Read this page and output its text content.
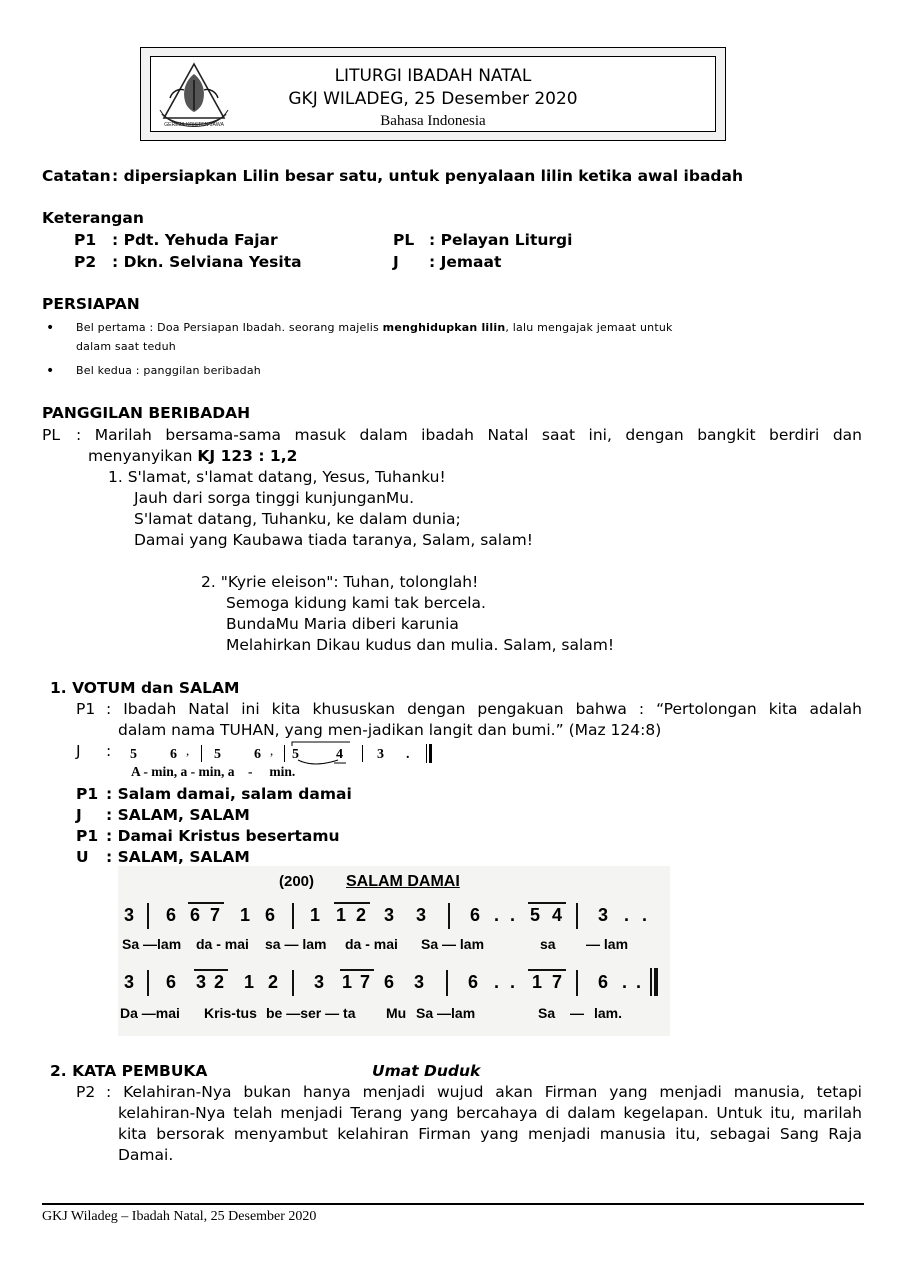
GEREJA KRISTEN JAWA
LITURGI IBADAH NATAL
GKJ WILADEG, 25 Desember 2020
Bahasa Indonesia
Catatan : dipersiapkan Lilin besar satu, untuk penyalaan lilin ketika awal ibadah
Keterangan
P1 : Pdt. Yehuda Fajar
P2 : Dkn. Selviana Yesita
PL : Pelayan Liturgi
J : Jemaat
PERSIAPAN
• Bel pertama : Doa Persiapan Ibadah. seorang majelis menghidupkan lilin, lalu mengajak jemaat untuk
dalam saat teduh
• Bel kedua : panggilan beribadah
PANGGILAN BERIBADAH
PL : Marilah bersama-sama masuk dalam ibadah Natal saat ini, dengan bangkit berdiri dan
menyanyikan KJ 123 : 1,2
1. S'lamat, s'lamat datang, Yesus, Tuhanku!
Jauh dari sorga tinggi kunjunganMu.
S'lamat datang, Tuhanku, ke dalam dunia;
Damai yang Kaubawa tiada taranya, Salam, salam!
2. "Kyrie eleison": Tuhan, tolonglah!
Semoga kidung kami tak bercela.
BundaMu Maria diberi karunia
Melahirkan Dikau kudus dan mulia. Salam, salam!
1. VOTUM dan SALAM
P1 : Ibadah Natal ini kita khususkan dengan pengakuan bahwa : “Pertolongan kita adalah
dalam nama TUHAN, yang men-jadikan langit dan bumi.” (Maz 124:8)
J : 5 6 , 5 6 , 5	4 3 .
A - min, a - min, a    -     min.
P1 : Salam damai, salam damai
J : SALAM, SALAM
P1 : Damai Kristus besertamu
U : SALAM, SALAM
(200) SALAM DAMAI
3 6 6 7 1 6 1 1 2 3 3 6 . . 5 4 3 . .
Sa —lam da - mai sa — lam da - mai Sa — lam	sa — lam
3 6 3 2 1 2 3 1 7 6 3 6 . . 1 7 6 . .
Da —mai Kris-tus be —ser — ta Mu Sa —lam	Sa — lam.
2. KATA PEMBUKA	Umat Duduk
P2 : Kelahiran-Nya bukan hanya menjadi wujud akan Firman yang menjadi manusia, tetapi kelahiran-Nya telah menjadi Terang yang bercahaya di dalam kegelapan. Untuk itu, marilah kita bersorak menyambut kelahiran Firman yang menjadi manusia itu, sebagai Sang Raja Damai.
GKJ Wiladeg – Ibadah Natal, 25 Desember 2020
